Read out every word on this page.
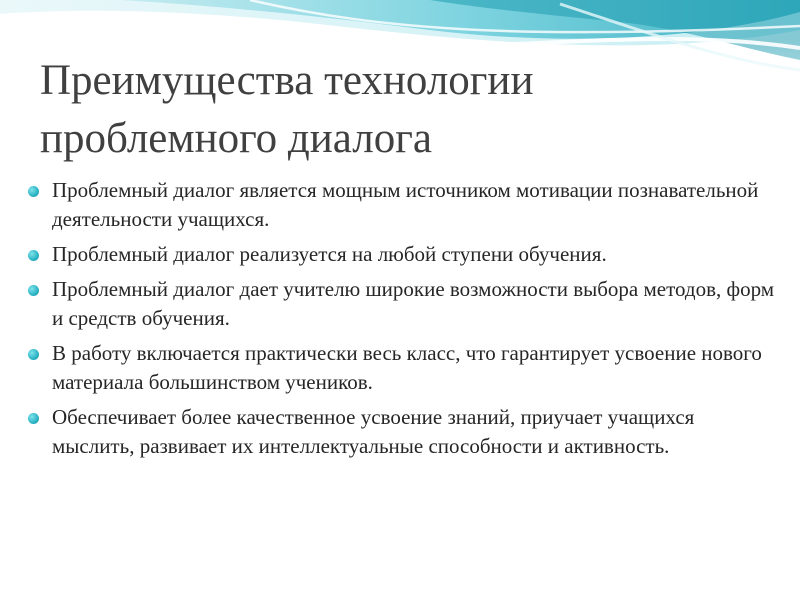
Преимущества технологии
проблемного диалога
Проблемный диалог является мощным источником мотивации познавательной деятельности учащихся.
Проблемный диалог реализуется на любой ступени обучения.
Проблемный диалог дает учителю широкие возможности выбора методов, форм и средств обучения.
В работу включается практически весь класс, что гарантирует усвоение нового материала большинством учеников.
Обеспечивает более качественное усвоение знаний, приучает учащихся мыслить, развивает их интеллектуальные способности и активность.
